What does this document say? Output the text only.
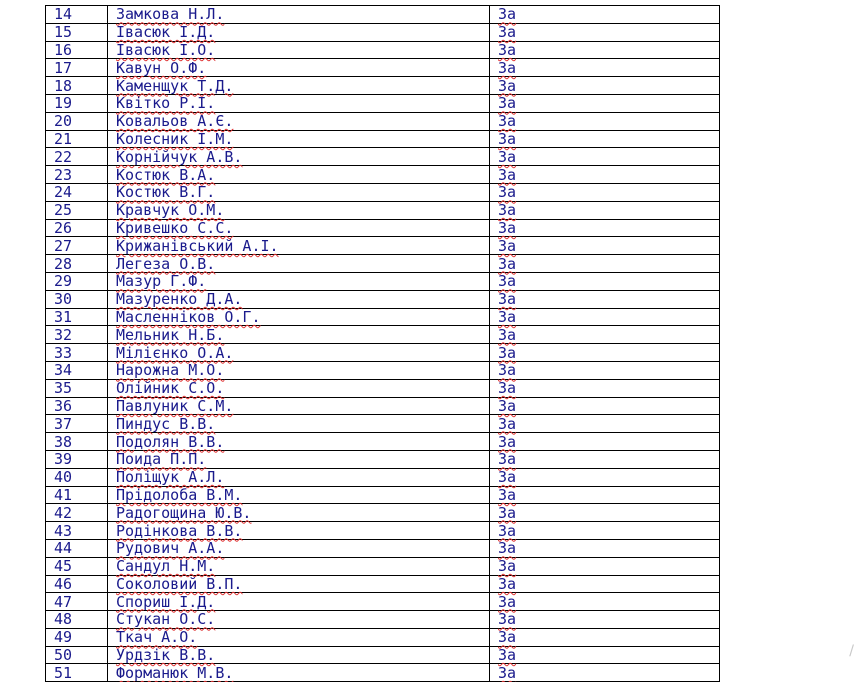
14	Замкова Н.Л.	За
15	Івасюк І.Д.	За
16	Івасюк І.О.	За
17	Кавун О.Ф.	За
18	Каменщук Т.Д.	За
19	Квітко Р.І.	За
20	Ковальов А.Є.	За
21	Колесник І.М.	За
22	Корнійчук А.В.	За
23	Костюк В.А.	За
24	Костюк В.Г.	За
25	Кравчук О.М.	За
26	Кривешко С.С.	За
27	Крижанівський А.І.	За
28	Легеза О.В.	За
29	Мазур Г.Ф.	За
30	Мазуренко Д.А.	За
31	Масленніков О.Г.	За
32	Мельник Н.Б.	За
33	Мілієнко О.А.	За
34	Нарожна М.О.	За
35	Олійник С.О.	За
36	Павлуник С.М.	За
37	Пиндус В.В.	За
38	Подолян В.В.	За
39	Поида П.П.	За
40	Поліщук А.Л.	За
41	Прідолоба В.М.	За
42	Радогощина Ю.В.	За
43	Родінкова В.В.	За
44	Рудович А.А.	За
45	Сандул Н.М.	За
46	Соколовий В.П.	За
47	Спориш І.Д.	За
48	Стукан О.С.	За
49	Ткач А.О.	За
50	Урдзік В.В.	За
51	Форманюк М.В.	За
/
